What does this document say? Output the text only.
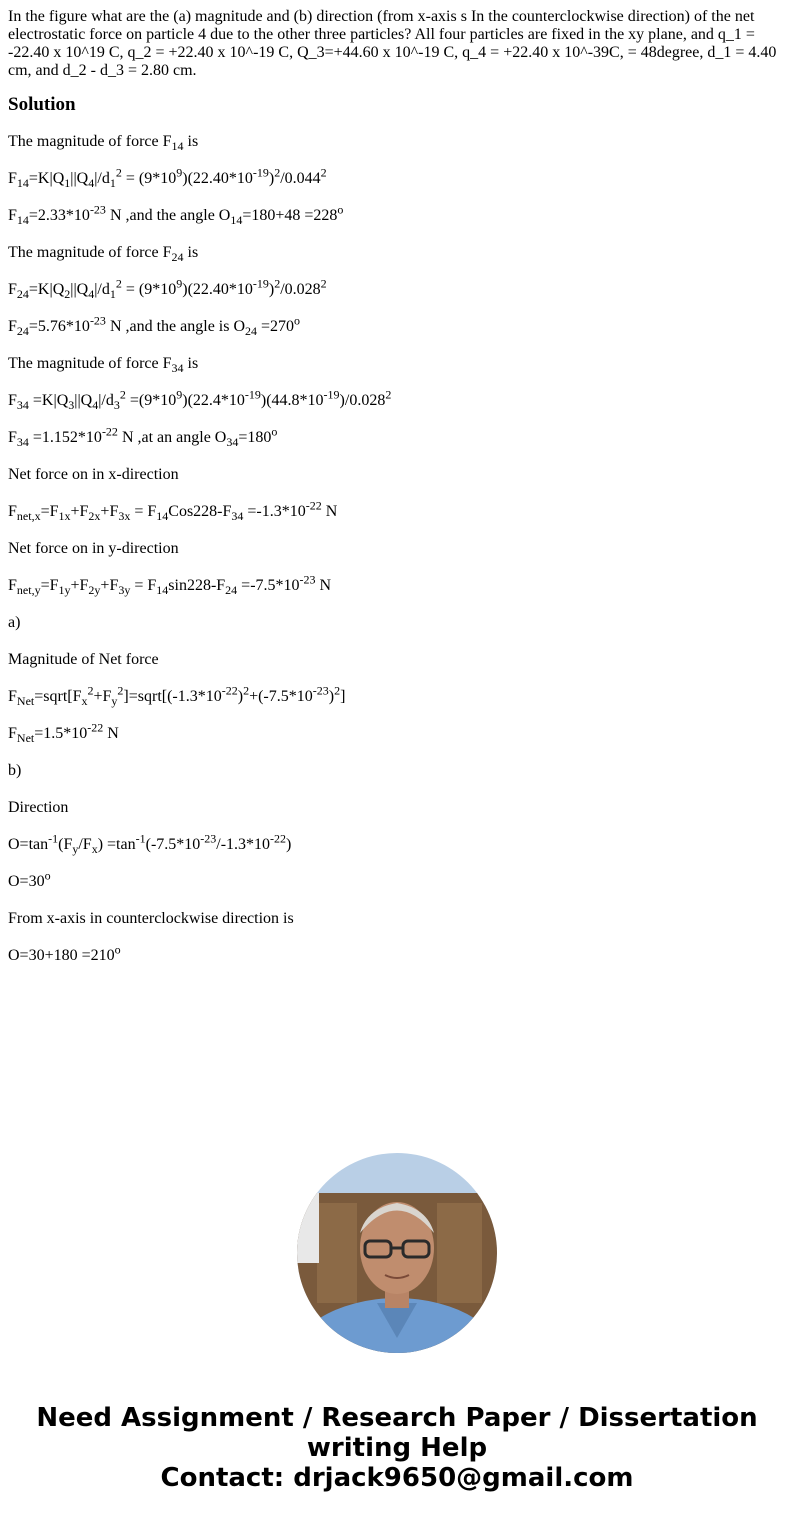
In the figure what are the (a) magnitude and (b) direction (from x-axis s In the counterclockwise direction) of the net electrostatic force on particle 4 due to the other three particles? All four particles are fixed in the xy plane, and q_1 = -22.40 x 10^19 C, q_2 = +22.40 x 10^-19 C, Q_3=+44.60 x 10^-19 C, q_4 = +22.40 x 10^-39C, = 48degree, d_1 = 4.40 cm, and d_2 - d_3 = 2.80 cm.
Solution

The magnitude of force $F_{14}$ is

$F_{14}=K|Q_1||Q_4|/d_1^2 = (9*10^9)(22.40*10^{-19})^2/0.044^2$

$F_{14}=2.33*10^{-23}$ N ,and the angle $O_{14}=180+48 =228^o$

The magnitude of force $F_{24}$ is

$F_{24}=K|Q_2||Q_4|/d_1^2 = (9*10^9)(22.40*10^{-19})^2/0.028^2$

$F_{24}=5.76*10^{-23}$ N ,and the angle is $O_{24} =270^o$

The magnitude of force $F_{34}$ is

$F_{34} =K|Q_3||Q_4|/d_3^2 =(9*10^9)(22.4*10^{-19})(44.8*10^{-19})/0.028^2$

$F_{34} =1.152*10^{-22}$ N ,at an angle $O_{34}=180^o$

Net force on in x-direction

$F_{net,x}=F_{1x}+F_{2x}+F_{3x} = F_{14}Cos228-F_{34} =-1.3*10^{-22}$ N

Net force on in y-direction

$F_{net,y}=F_{1y}+F_{2y}+F_{3y} = F_{14}\sin 228-F_{24} =-7.5*10^{-23}$ N

a)

Magnitude of Net force

$F_{Net}=sqrt[F_x^2+F_y^2]=sqrt[(-1.3*10^{-22})^2+(-7.5*10^{-23})^2]$

$F_{Net}=1.5*10^{-22}$ N

b)

Direction

$O=\tan^{-1}(F_y/F_x) =\tan^{-1}(-7.5*10^{-23}/-1.3*10^{-22})$

$O=30^o$

From x-axis in counterclockwise direction is

$O=30+180 =210^o$

Need Assignment / Research Paper / Dissertation
writing Help
Contact: drjack9650@gmail.com
